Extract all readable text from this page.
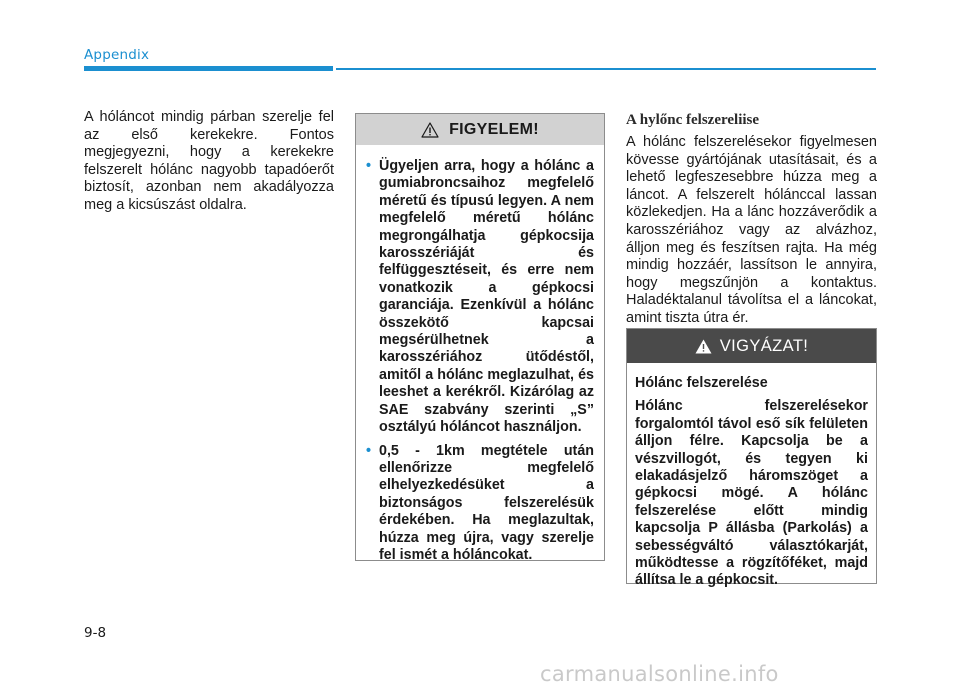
Appendix
A hóláncot mindig párban szerelje fel az első kerekekre. Fontos megjegyezni, hogy a kerekekre felszerelt hólánc nagyobb tapadóerőt biztosít, azonban nem akadályozza meg a kicsúszást oldalra.
FIGYELEM!
• Ügyeljen arra, hogy a hólánc a gumiabroncsaihoz megfelelő méretű és típusú legyen. A nem megfelelő méretű hólánc megrongálhatja gépkocsija karosszériáját és felfüggesztéseit, és erre nem vonatkozik a gépkocsi garanciája. Ezenkívül a hólánc összekötő kapcsai megsérülhetnek a karosszériához ütődéstől, amitől a hólánc meglazulhat, és leeshet a kerékről. Kizárólag az SAE szabvány szerinti „S” osztályú hóláncot használjon.
• 0,5 - 1km megtétele után ellenőrizze megfelelő elhelyezkedésüket a biztonságos felszerelésük érdekében. Ha meglazultak, húzza meg újra, vagy szerelje fel ismét a hóláncokat.
A hylőnc felszereliise
A hólánc felszerelésekor figyelmesen kövesse gyártójának utasításait, és a lehető legfeszesebbre húzza meg a láncot. A felszerelt hólánccal lassan közlekedjen. Ha a lánc hozzáverődik a karosszériához vagy az alvázhoz, álljon meg és feszítsen rajta. Ha még mindig hozzáér, lassítson le annyira, hogy megszűnjön a kontaktus. Haladéktalanul távolítsa el a láncokat, amint tiszta útra ér.
VIGYÁZAT!
Hólánc felszerelése
Hólánc felszerelésekor forgalomtól távol eső sík felületen álljon félre. Kapcsolja be a vészvillogót, és tegyen ki elakadásjelző háromszöget a gépkocsi mögé. A hólánc felszerelése előtt mindig kapcsolja P állásba (Parkolás) a sebességváltó választókarját, működtesse a rögzítőféket, majd állítsa le a gépkocsit.
9-8
carmanualsonline.info
